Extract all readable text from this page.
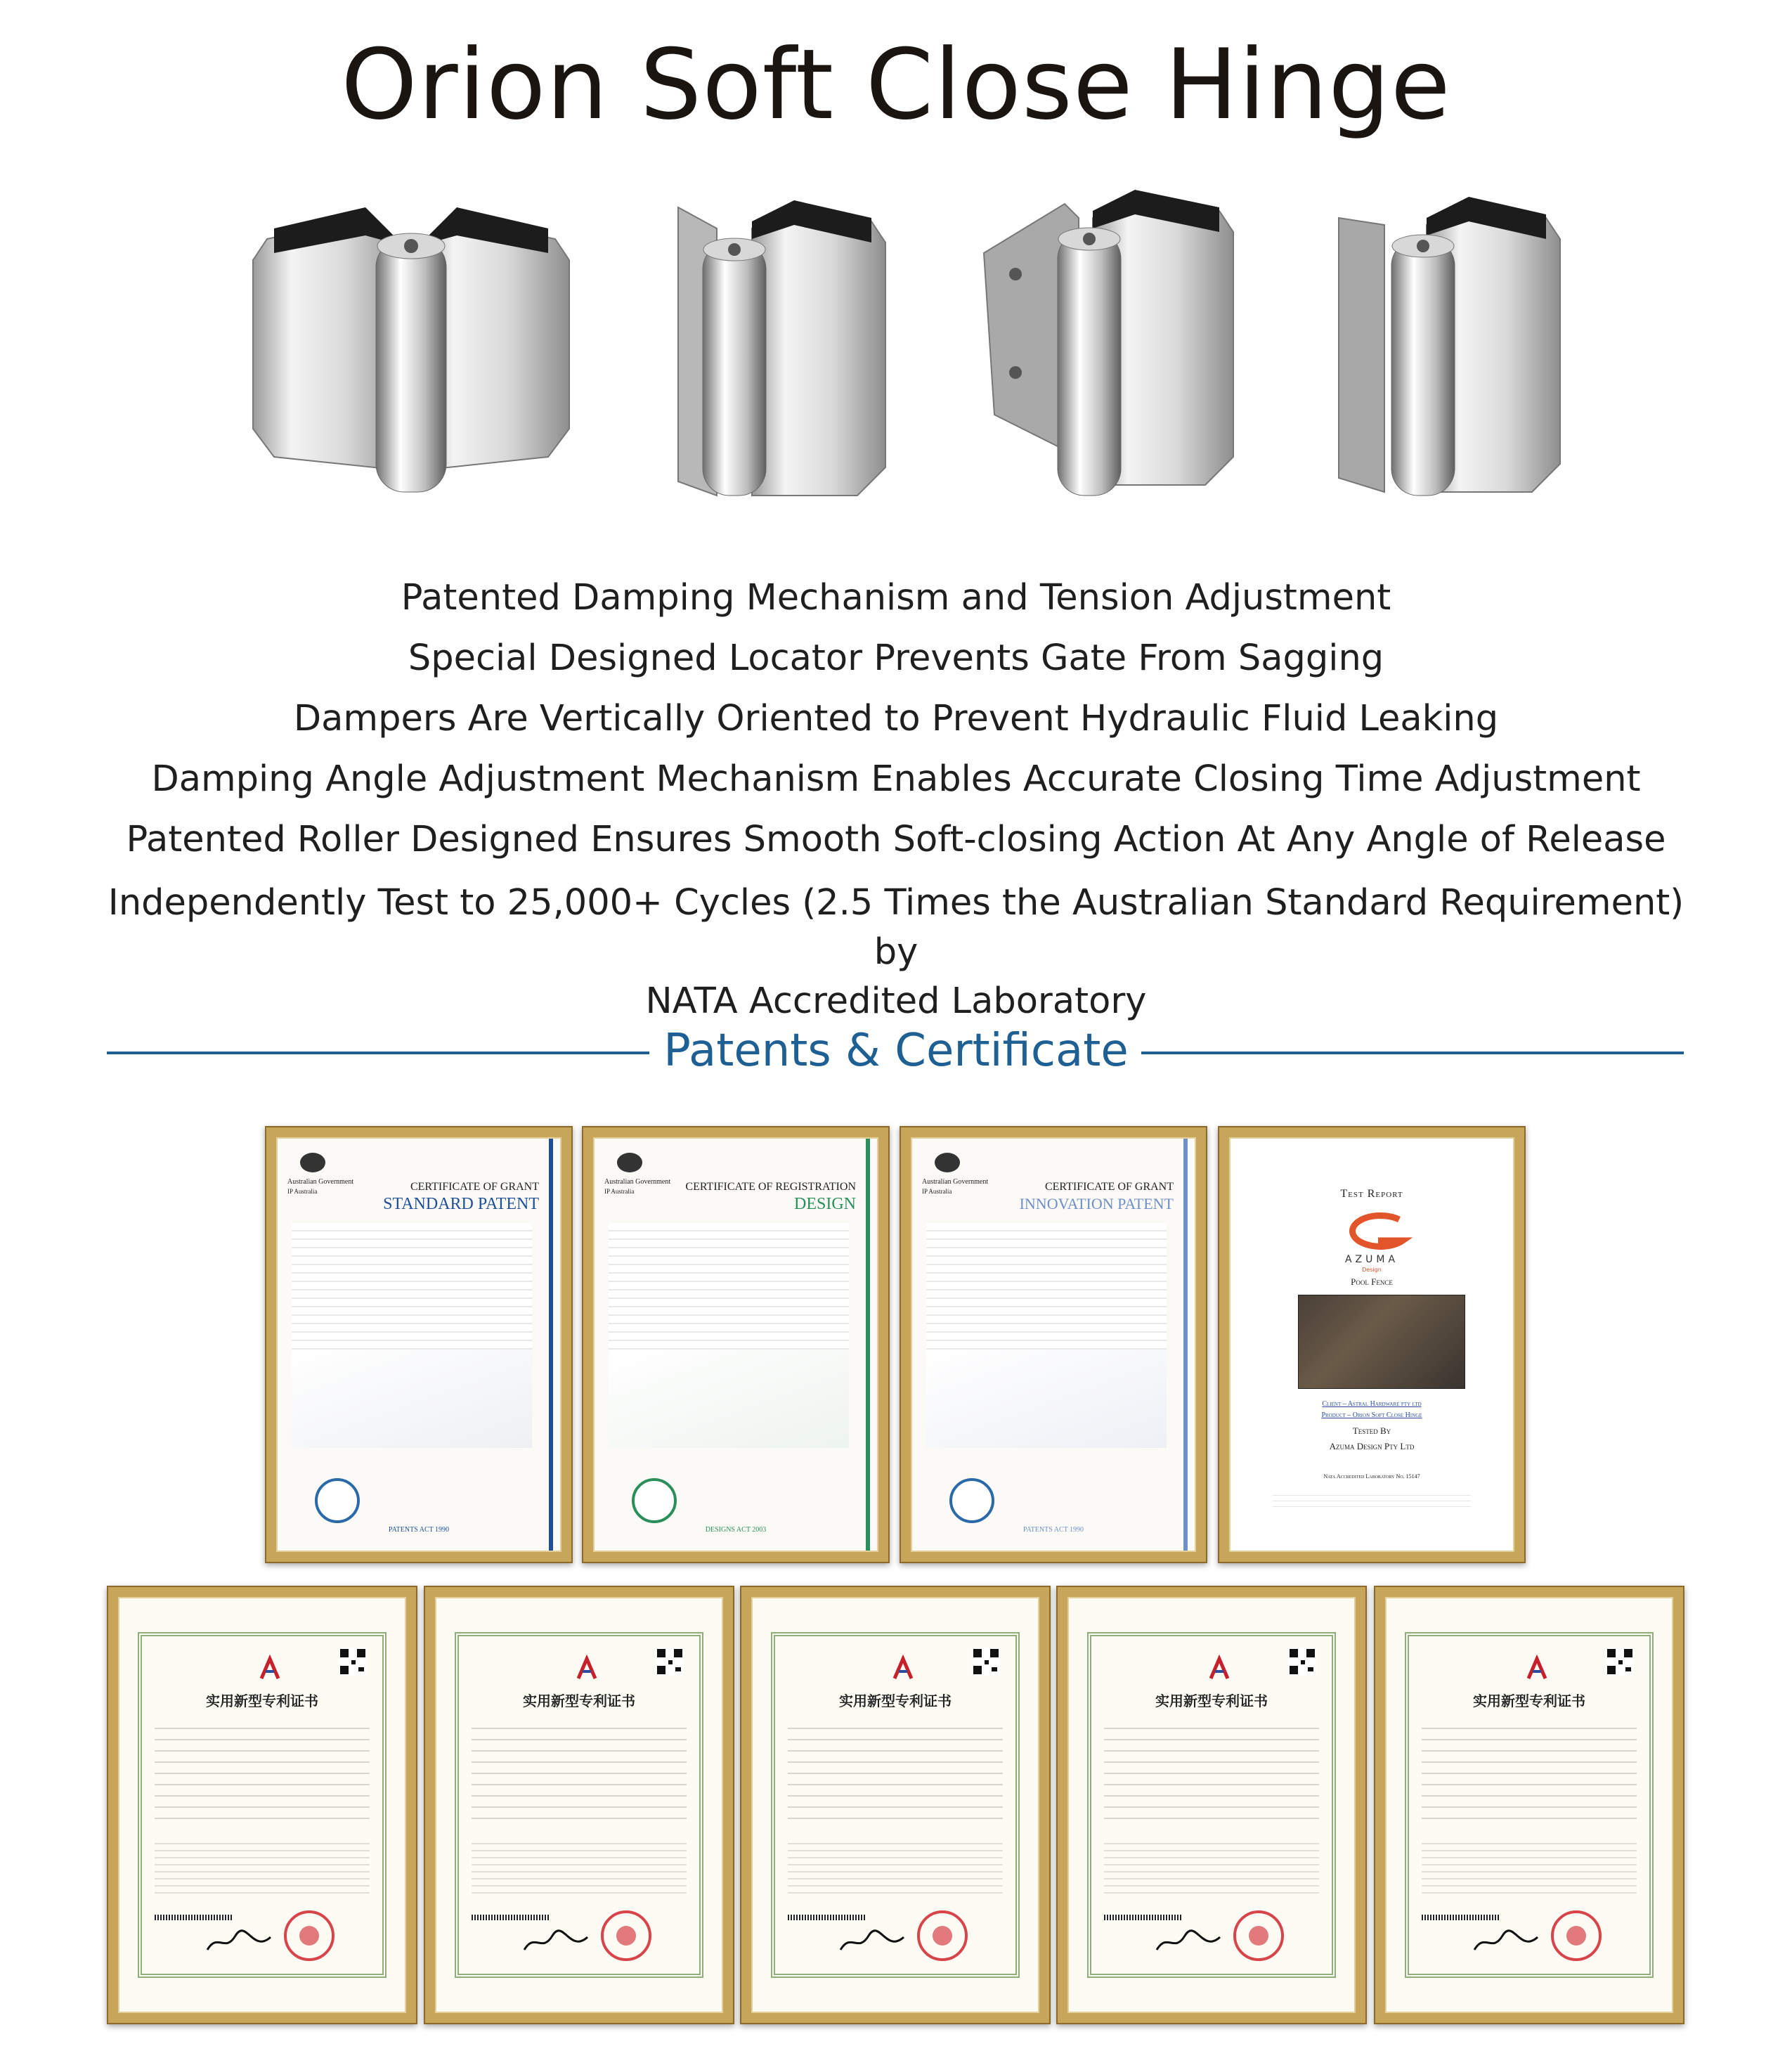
Orion Soft Close Hinge
Patented Damping Mechanism and Tension Adjustment
Special Designed Locator Prevents Gate From Sagging
Dampers Are Vertically Oriented to Prevent Hydraulic Fluid Leaking
Damping Angle Adjustment Mechanism Enables Accurate Closing Time Adjustment
Patented Roller Designed Ensures Smooth Soft-closing Action At Any Angle of Release
Independently Test to 25,000+ Cycles (2.5 Times the Australian Standard Requirement) by
NATA Accredited Laboratory
Patents & Certificate
Australian Government
IP Australia	CERTIFICATE OF GRANT
STANDARD PATENT
PATENTS ACT 1990
Australian Government
IP Australia	CERTIFICATE OF REGISTRATION
DESIGN
DESIGNS ACT 2003
Australian Government
IP Australia	CERTIFICATE OF GRANT
INNOVATION PATENT
PATENTS ACT 1990
Test Report
AZUMA
Design
Pool Fence
Client – Astral Hardware pty ltd
Product – Orion Soft Close Hinge
Tested By
Azuma Design Pty Ltd
Nata Accredited Laboratory No. 15147
实用新型专利证书	实用新型专利证书	实用新型专利证书	实用新型专利证书	实用新型专利证书
